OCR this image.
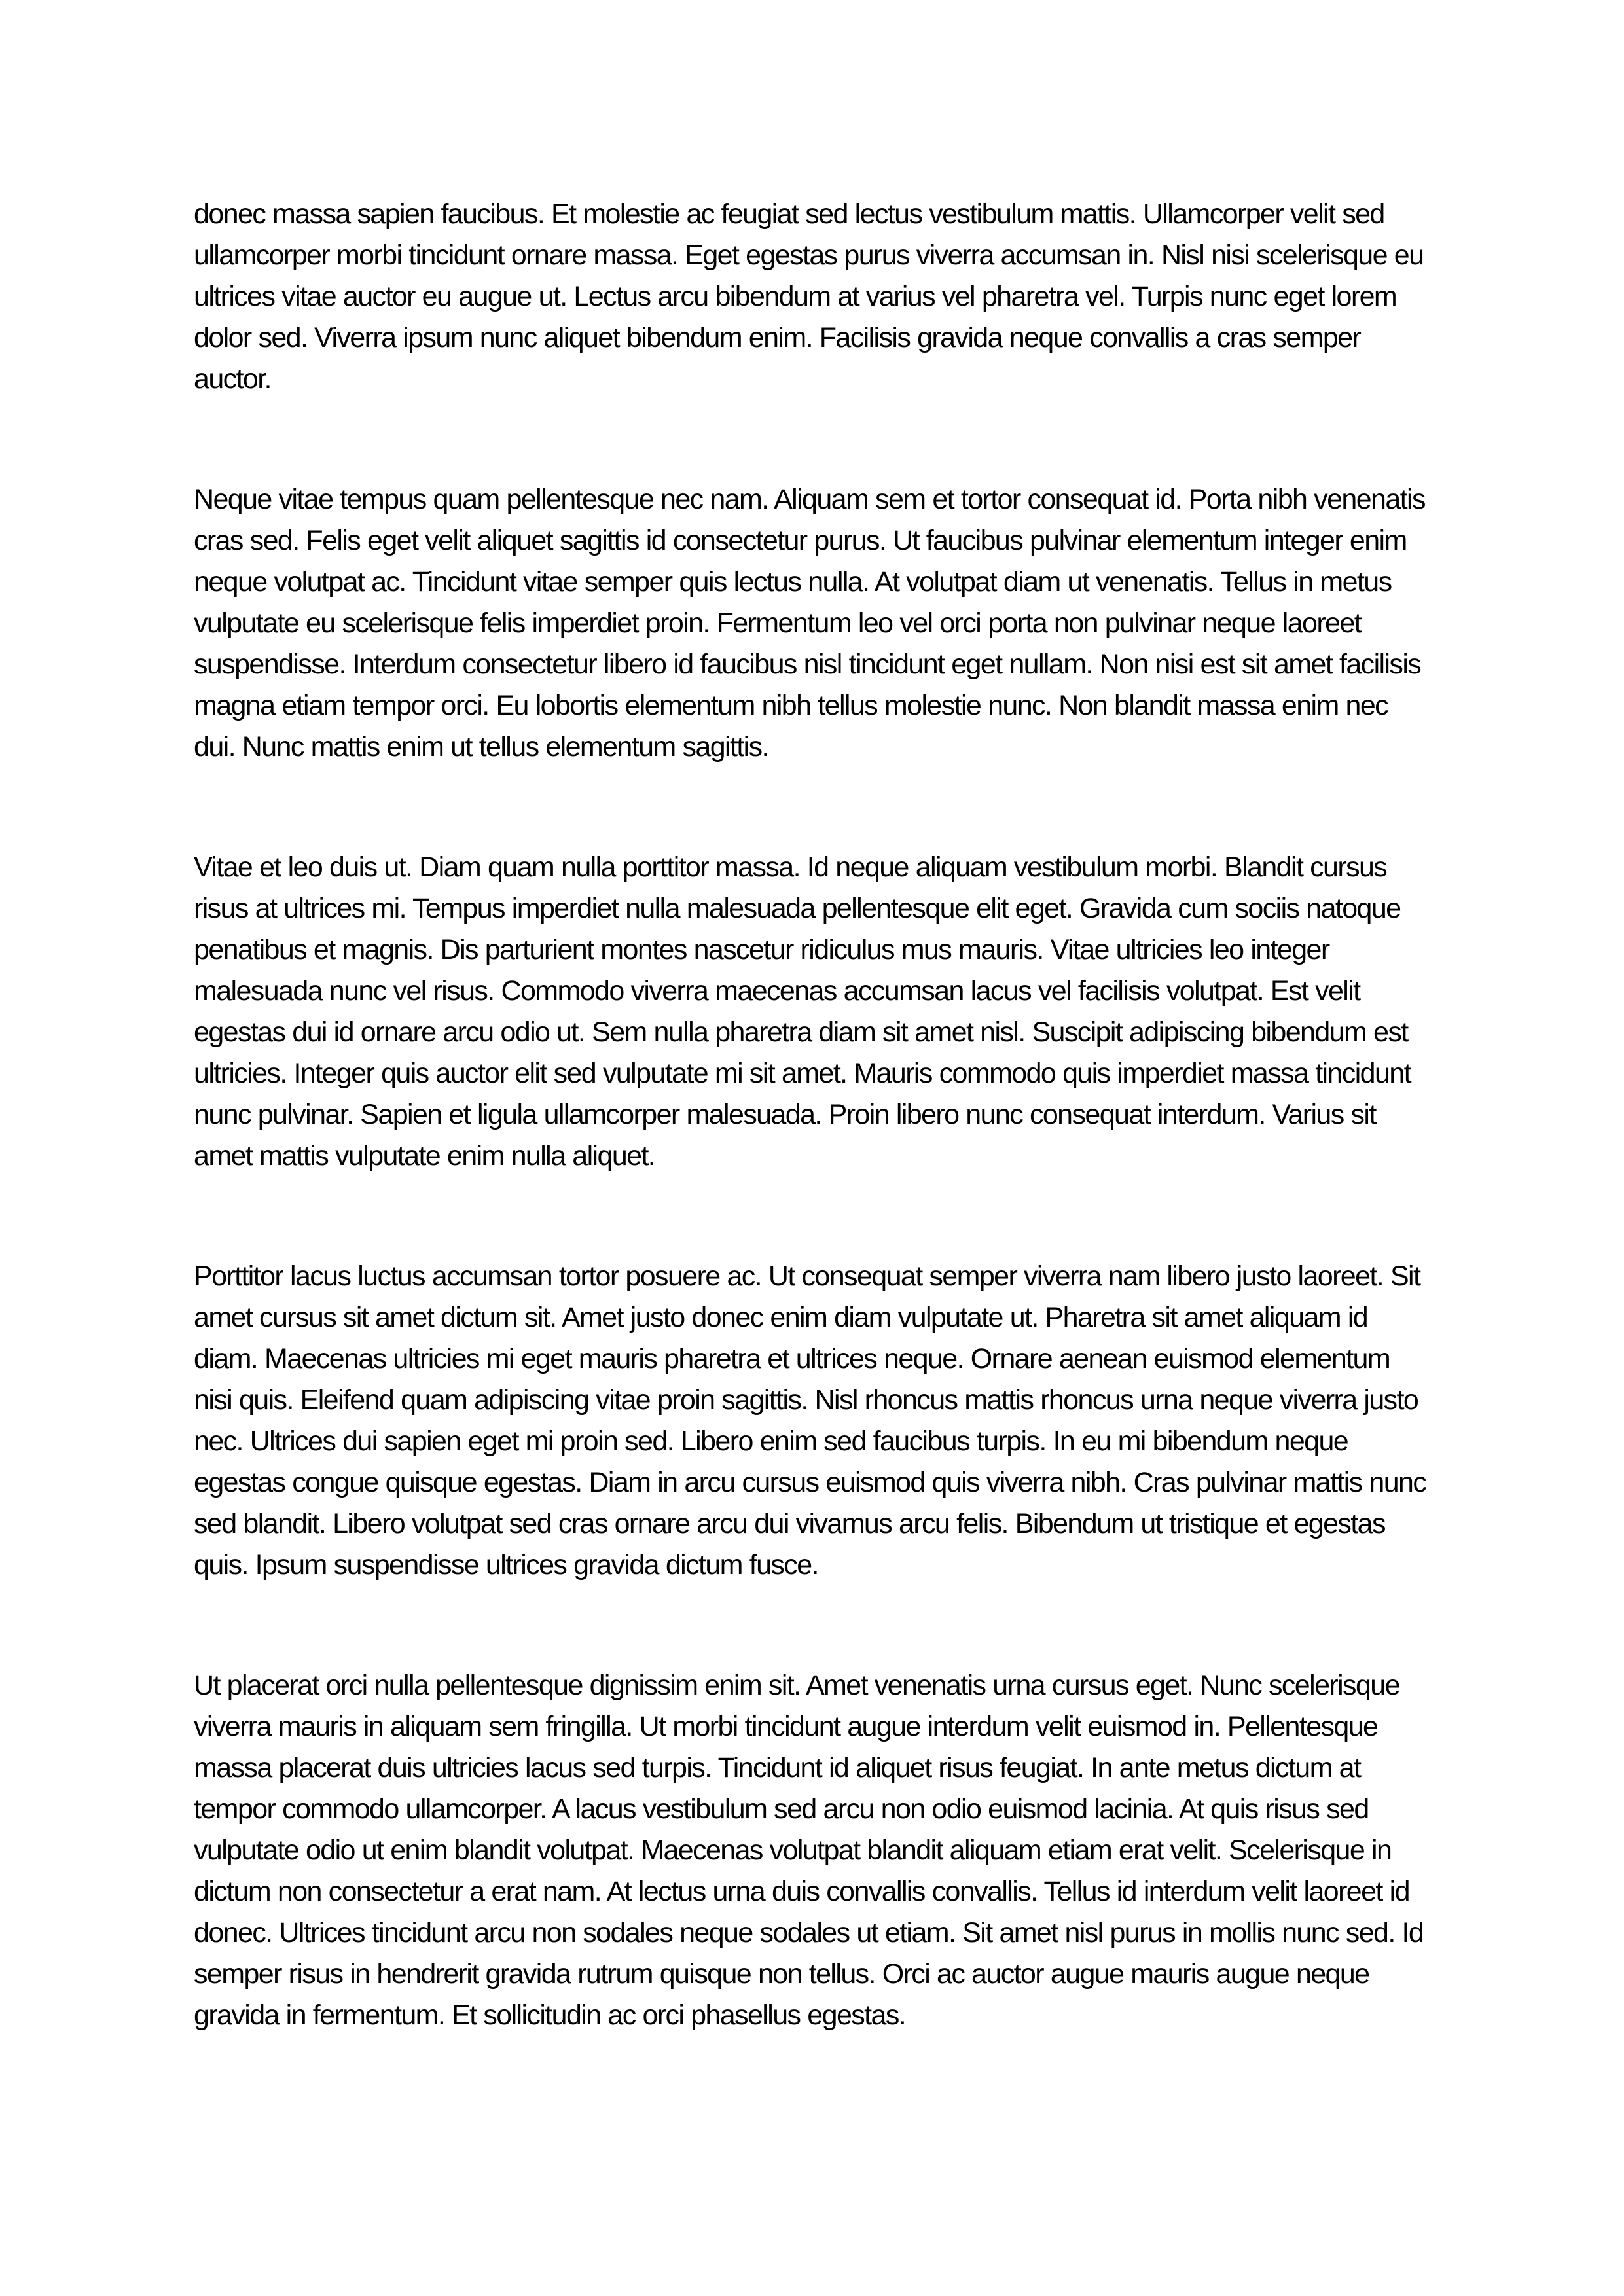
donec massa sapien faucibus. Et molestie ac feugiat sed lectus vestibulum mattis. Ullamcorper velit sed ullamcorper morbi tincidunt ornare massa. Eget egestas purus viverra accumsan in. Nisl nisi scelerisque eu ultrices vitae auctor eu augue ut. Lectus arcu bibendum at varius vel pharetra vel. Turpis nunc eget lorem dolor sed. Viverra ipsum nunc aliquet bibendum enim. Facilisis gravida neque convallis a cras semper auctor.

Neque vitae tempus quam pellentesque nec nam. Aliquam sem et tortor consequat id. Porta nibh venenatis cras sed. Felis eget velit aliquet sagittis id consectetur purus. Ut faucibus pulvinar elementum integer enim neque volutpat ac. Tincidunt vitae semper quis lectus nulla. At volutpat diam ut venenatis. Tellus in metus vulputate eu scelerisque felis imperdiet proin. Fermentum leo vel orci porta non pulvinar neque laoreet suspendisse. Interdum consectetur libero id faucibus nisl tincidunt eget nullam. Non nisi est sit amet facilisis magna etiam tempor orci. Eu lobortis elementum nibh tellus molestie nunc. Non blandit massa enim nec dui. Nunc mattis enim ut tellus elementum sagittis.

Vitae et leo duis ut. Diam quam nulla porttitor massa. Id neque aliquam vestibulum morbi. Blandit cursus risus at ultrices mi. Tempus imperdiet nulla malesuada pellentesque elit eget. Gravida cum sociis natoque penatibus et magnis. Dis parturient montes nascetur ridiculus mus mauris. Vitae ultricies leo integer malesuada nunc vel risus. Commodo viverra maecenas accumsan lacus vel facilisis volutpat. Est velit egestas dui id ornare arcu odio ut. Sem nulla pharetra diam sit amet nisl. Suscipit adipiscing bibendum est ultricies. Integer quis auctor elit sed vulputate mi sit amet. Mauris commodo quis imperdiet massa tincidunt nunc pulvinar. Sapien et ligula ullamcorper malesuada. Proin libero nunc consequat interdum. Varius sit amet mattis vulputate enim nulla aliquet.

Porttitor lacus luctus accumsan tortor posuere ac. Ut consequat semper viverra nam libero justo laoreet. Sit amet cursus sit amet dictum sit. Amet justo donec enim diam vulputate ut. Pharetra sit amet aliquam id diam. Maecenas ultricies mi eget mauris pharetra et ultrices neque. Ornare aenean euismod elementum nisi quis. Eleifend quam adipiscing vitae proin sagittis. Nisl rhoncus mattis rhoncus urna neque viverra justo nec. Ultrices dui sapien eget mi proin sed. Libero enim sed faucibus turpis. In eu mi bibendum neque egestas congue quisque egestas. Diam in arcu cursus euismod quis viverra nibh. Cras pulvinar mattis nunc sed blandit. Libero volutpat sed cras ornare arcu dui vivamus arcu felis. Bibendum ut tristique et egestas quis. Ipsum suspendisse ultrices gravida dictum fusce.

Ut placerat orci nulla pellentesque dignissim enim sit. Amet venenatis urna cursus eget. Nunc scelerisque viverra mauris in aliquam sem fringilla. Ut morbi tincidunt augue interdum velit euismod in. Pellentesque massa placerat duis ultricies lacus sed turpis. Tincidunt id aliquet risus feugiat. In ante metus dictum at tempor commodo ullamcorper. A lacus vestibulum sed arcu non odio euismod lacinia. At quis risus sed vulputate odio ut enim blandit volutpat. Maecenas volutpat blandit aliquam etiam erat velit. Scelerisque in dictum non consectetur a erat nam. At lectus urna duis convallis convallis. Tellus id interdum velit laoreet id donec. Ultrices tincidunt arcu non sodales neque sodales ut etiam. Sit amet nisl purus in mollis nunc sed. Id semper risus in hendrerit gravida rutrum quisque non tellus. Orci ac auctor augue mauris augue neque gravida in fermentum. Et sollicitudin ac orci phasellus egestas.
